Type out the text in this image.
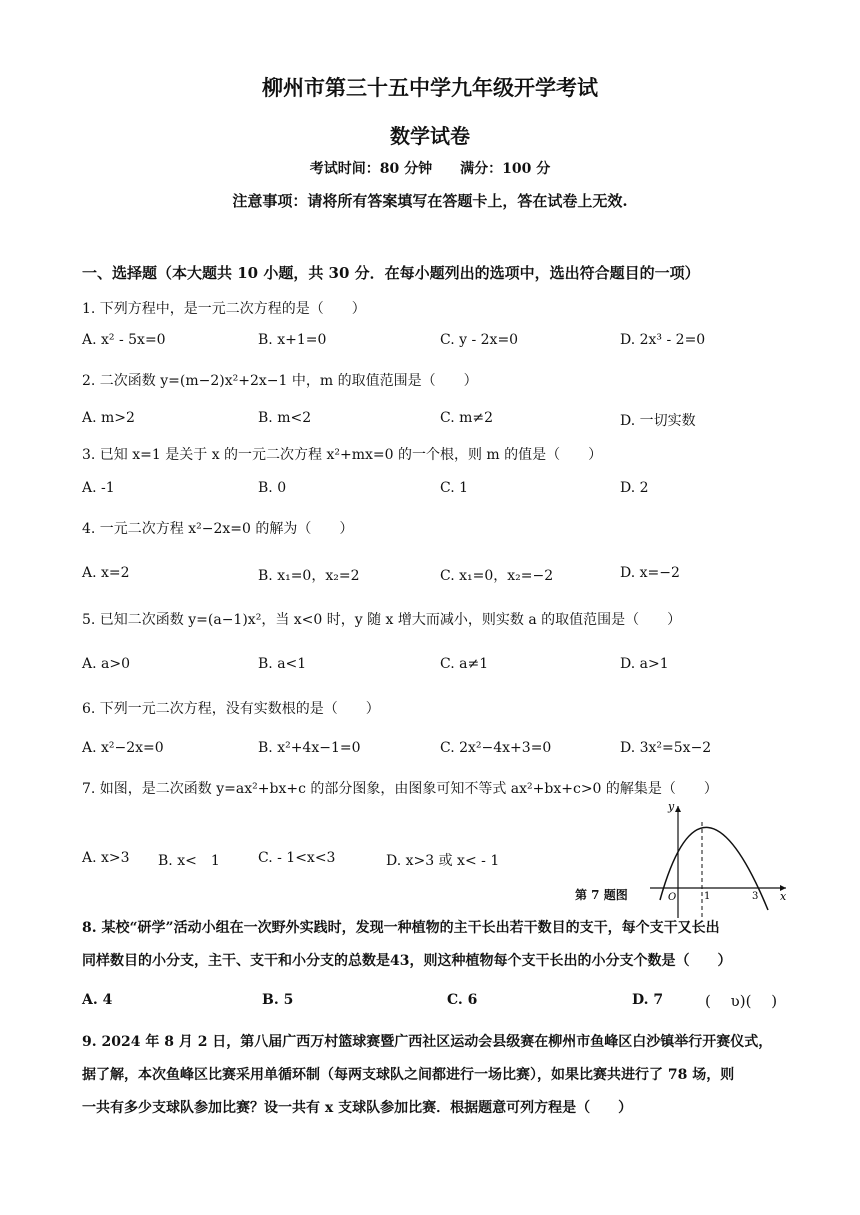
柳州市第三十五中学九年级开学考试
数学试卷
考试时间：80 分钟　　满分：100 分
注意事项：请将所有答案填写在答题卡上，答在试卷上无效.
一、选择题（本大题共 10 小题，共 30 分．在每小题列出的选项中，选出符合题目的一项）
1. 下列方程中，是一元二次方程的是（　　）
A. x² - 5x=0	B. x+1=0	C. y - 2x=0	D. 2x³ - 2=0
2. 二次函数 y=(m−2)x²+2x−1 中，m 的取值范围是（　　）
A. m>2	B. m<2	C. m≠2	D. 一切实数
3. 已知 x=1 是关于 x 的一元二次方程 x²+mx=0 的一个根，则 m 的值是（　　）
A. -1	B. 0	C. 1	D. 2
4. 一元二次方程 x²−2x=0 的解为（　　）
A. x=2	B. x₁=0，x₂=2	C. x₁=0，x₂=−2	D. x=−2
5. 已知二次函数 y=(a−1)x²，当 x<0 时，y 随 x 增大而减小，则实数 a 的取值范围是（　　）
A. a>0	B. a<1	C. a≠1	D. a>1
6. 下列一元二次方程，没有实数根的是（　　）
A. x²−2x=0	B. x²+4x−1=0	C. 2x²−4x+3=0	D. 3x²=5x−2
7. 如图，是二次函数 y=ax²+bx+c 的部分图象，由图象可知不等式 ax²+bx+c>0 的解集是（　　）
A. x>3 B. x<　1	C. - 1<x<3	D. x>3 或 x< - 1
第 7 题图
y
x
O	1	3
8. 某校“研学”活动小组在一次野外实践时，发现一种植物的主干长出若干数目的支干，每个支干又长出
同样数目的小分支，主干、支干和小分支的总数是43，则这种植物每个支干长出的小分支个数是（　　）
A. 4	B. 5	C. 6	D. 7	(　 ʋ)(　 )
9. 2024 年 8 月 2 日，第八届广西万村篮球赛暨广西社区运动会县级赛在柳州市鱼峰区白沙镇举行开赛仪式，
据了解，本次鱼峰区比赛采用单循环制（每两支球队之间都进行一场比赛），如果比赛共进行了 78 场，则
一共有多少支球队参加比赛？设一共有 x 支球队参加比赛．根据题意可列方程是（　　）
